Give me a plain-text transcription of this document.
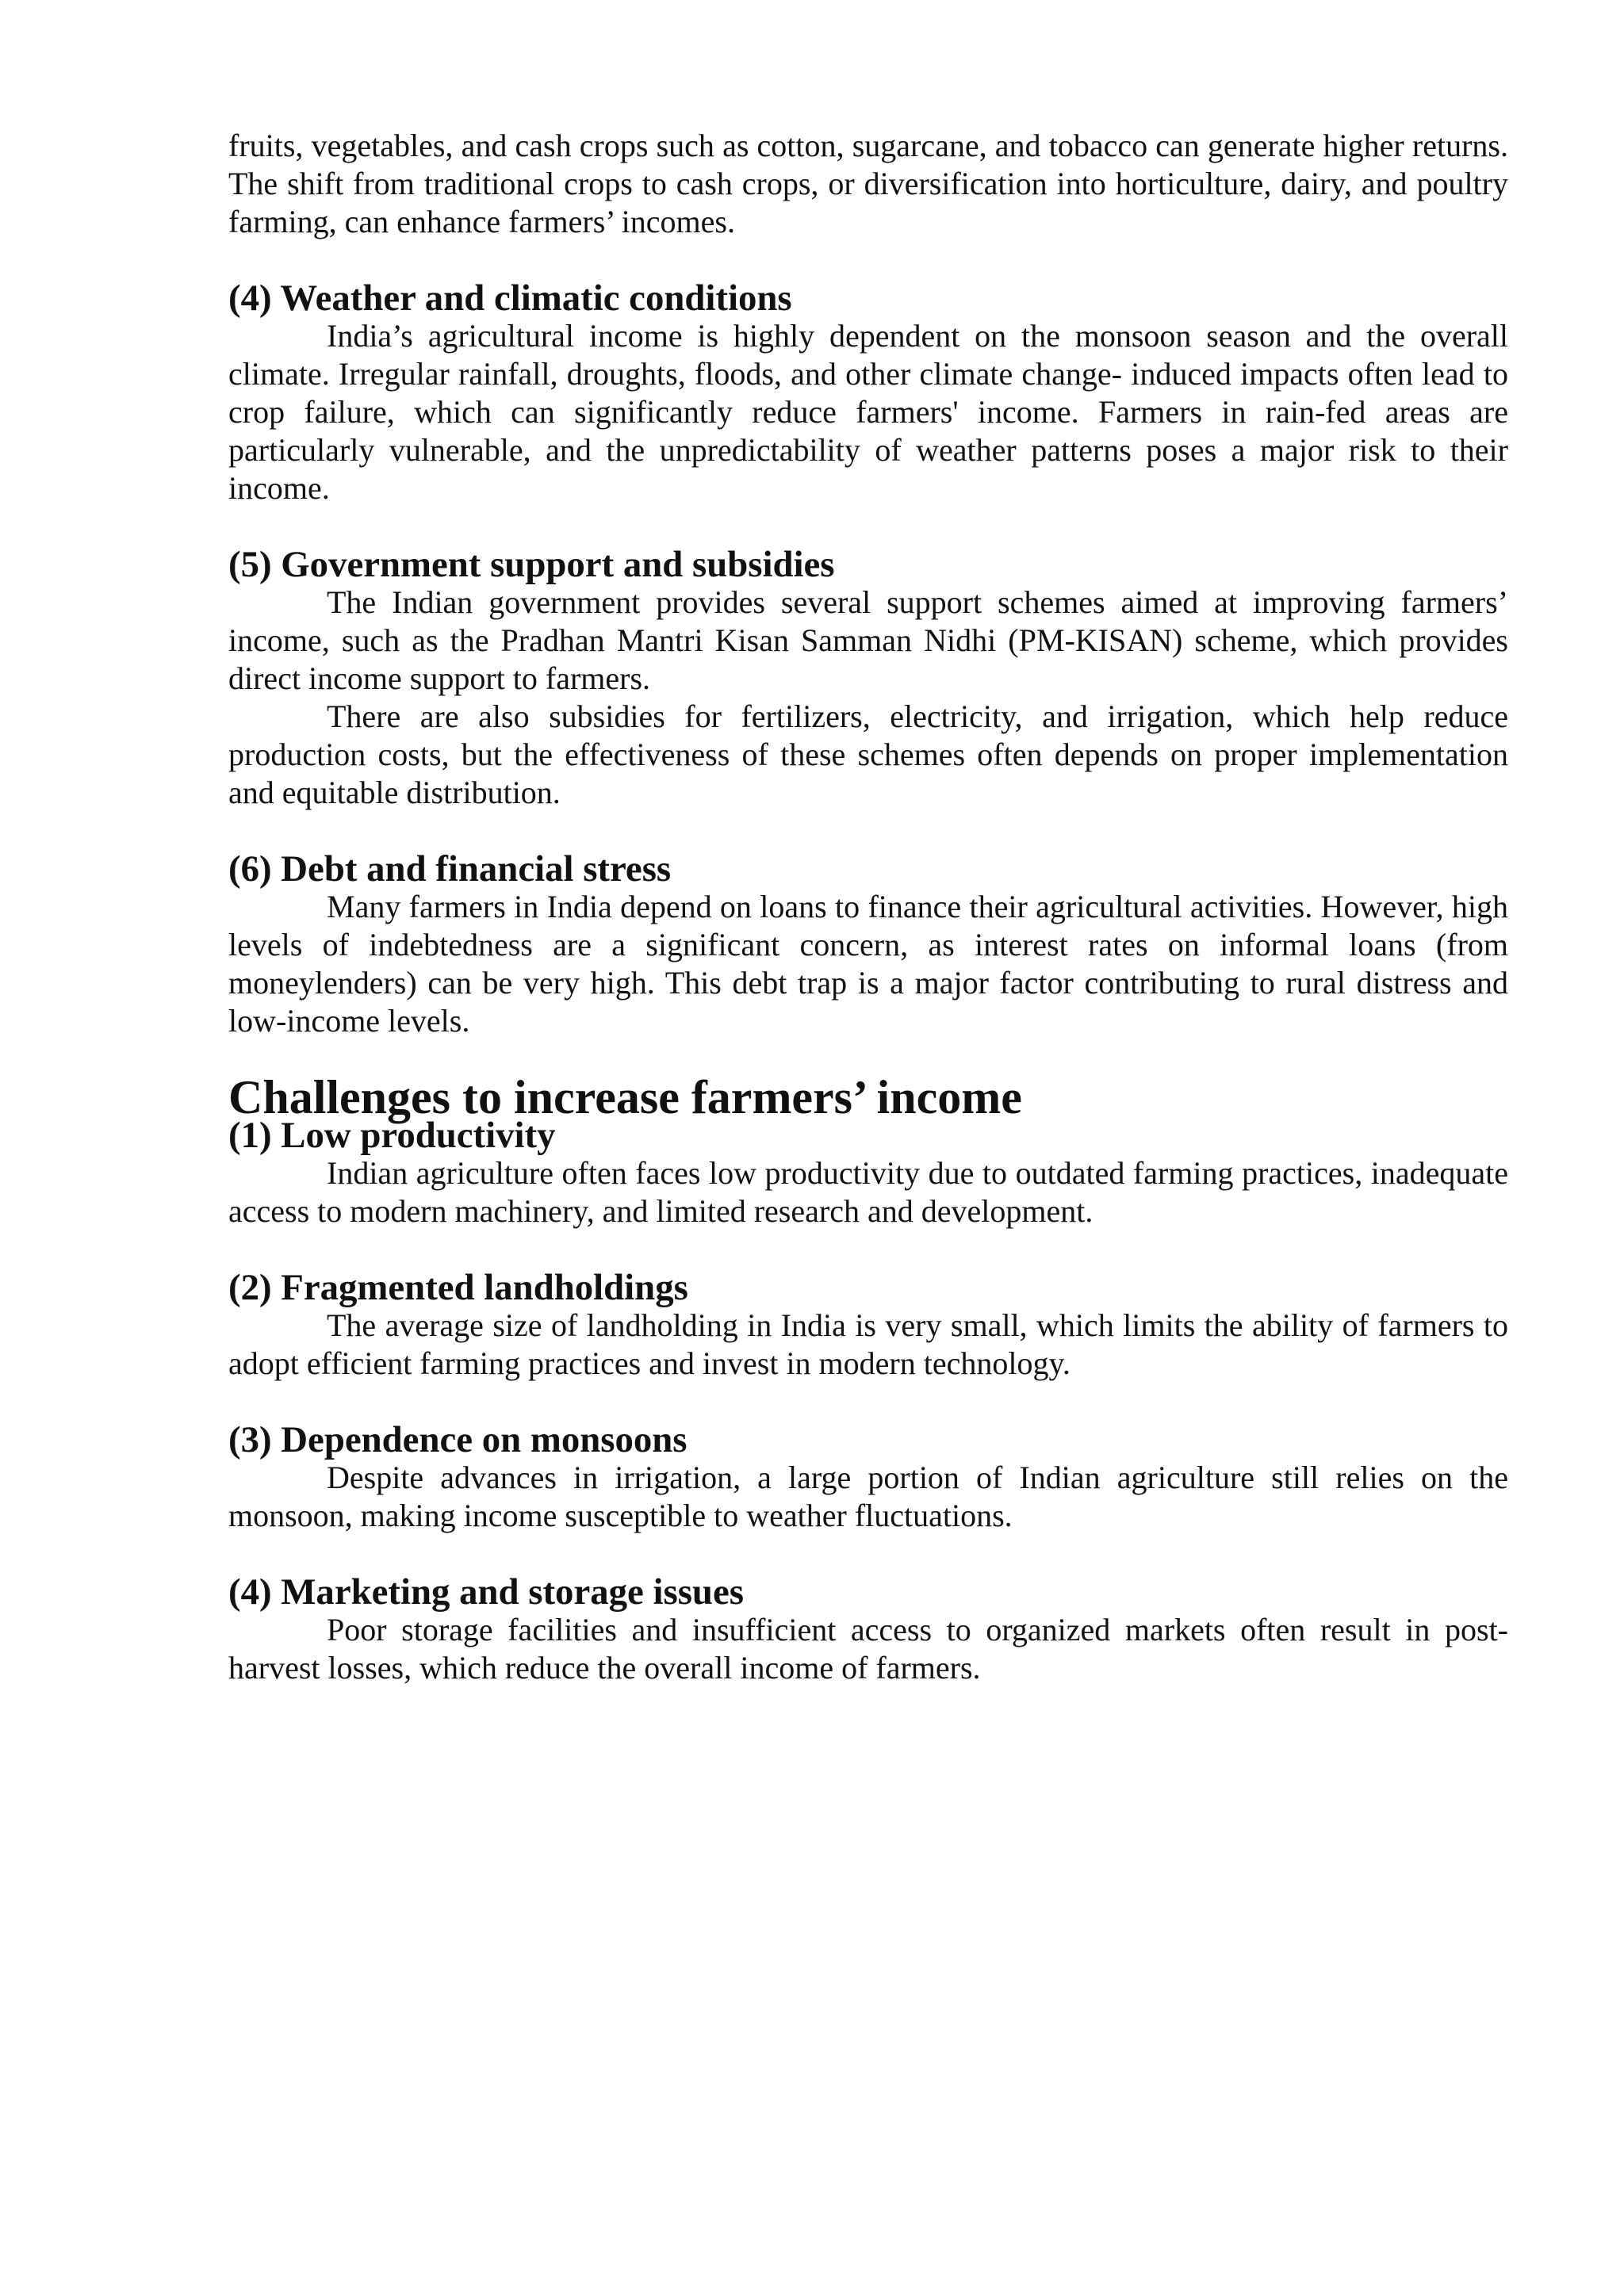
fruits, vegetables, and cash crops such as cotton, sugarcane, and tobacco can generate higher returns. The shift from traditional crops to cash crops, or diversification into horticulture, dairy, and poultry farming, can enhance farmers’ incomes.

(4) Weather and climatic conditions

India’s agricultural income is highly dependent on the monsoon season and the overall climate. Irregular rainfall, droughts, floods, and other climate change- induced impacts often lead to crop failure, which can significantly reduce farmers' income. Farmers in rain-fed areas are particularly vulnerable, and the unpredictability of weather patterns poses a major risk to their income.

(5) Government support and subsidies

The Indian government provides several support schemes aimed at improving farmers’ income, such as the Pradhan Mantri Kisan Samman Nidhi (PM-KISAN) scheme, which provides direct income support to farmers.

There are also subsidies for fertilizers, electricity, and irrigation, which help reduce production costs, but the effectiveness of these schemes often depends on proper implementation and equitable distribution.

(6) Debt and financial stress

Many farmers in India depend on loans to finance their agricultural activities. However, high levels of indebtedness are a significant concern, as interest rates on informal loans (from moneylenders) can be very high. This debt trap is a major factor contributing to rural distress and low-income levels.

Challenges to increase farmers’ income
(1) Low productivity

Indian agriculture often faces low productivity due to outdated farming practices, inadequate access to modern machinery, and limited research and development.

(2) Fragmented landholdings

The average size of landholding in India is very small, which limits the ability of farmers to adopt efficient farming practices and invest in modern technology.

(3) Dependence on monsoons

Despite advances in irrigation, a large portion of Indian agriculture still relies on the monsoon, making income susceptible to weather fluctuations.

(4) Marketing and storage issues

Poor storage facilities and insufficient access to organized markets often result in post-harvest losses, which reduce the overall income of farmers.
